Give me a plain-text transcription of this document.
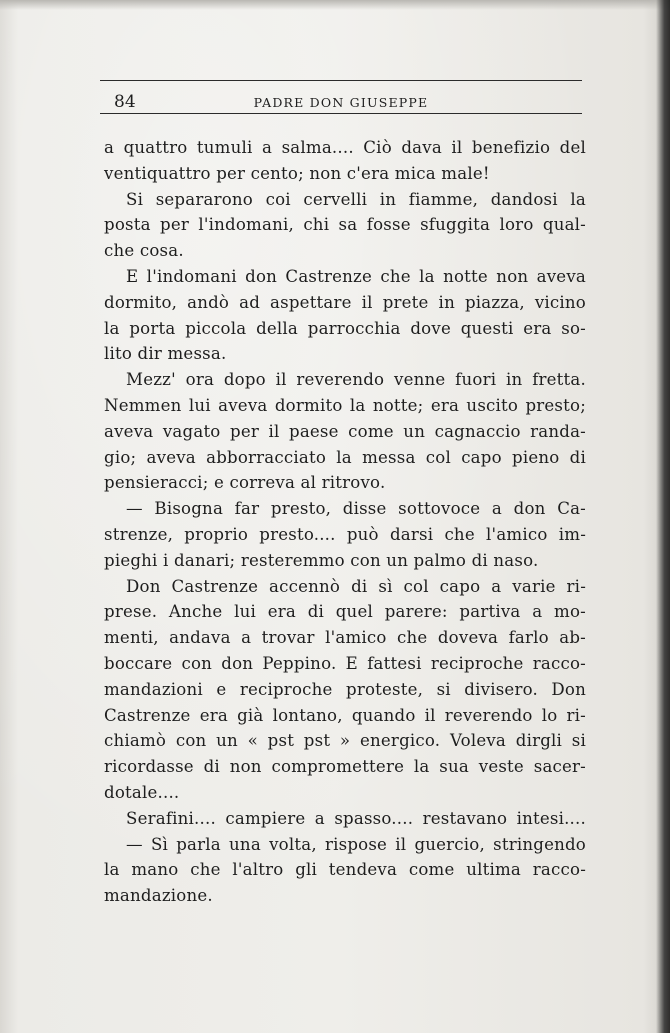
84	PADRE DON GIUSEPPE
a quattro tumuli a salma.... Ciò dava il benefizio del
ventiquattro per cento; non c'era mica male!
Si separarono coi cervelli in fiamme, dandosi la
posta per l'indomani, chi sa fosse sfuggita loro qual-
che cosa.
E l'indomani don Castrenze che la notte non aveva
dormito, andò ad aspettare il prete in piazza, vicino
la porta piccola della parrocchia dove questi era so-
lito dir messa.
Mezz' ora dopo il reverendo venne fuori in fretta.
Nemmen lui aveva dormito la notte; era uscito presto;
aveva vagato per il paese come un cagnaccio randa-
gio; aveva abborracciato la messa col capo pieno di
pensieracci; e correva al ritrovo.
— Bisogna far presto, disse sottovoce a don Ca-
strenze, proprio presto.... può darsi che l'amico im-
pieghi i danari; resteremmo con un palmo di naso.
Don Castrenze accennò di sì col capo a varie ri-
prese. Anche lui era di quel parere: partiva a mo-
menti, andava a trovar l'amico che doveva farlo ab-
boccare con don Peppino. E fattesi reciproche racco-
mandazioni e reciproche proteste, si divisero. Don
Castrenze era già lontano, quando il reverendo lo ri-
chiamò con un « pst pst » energico. Voleva dirgli si
ricordasse di non compromettere la sua veste sacer-
dotale....
Serafini.... campiere a spasso.... restavano intesi....
— Sì parla una volta, rispose il guercio, stringendo
la mano che l'altro gli tendeva come ultima racco-
mandazione.
